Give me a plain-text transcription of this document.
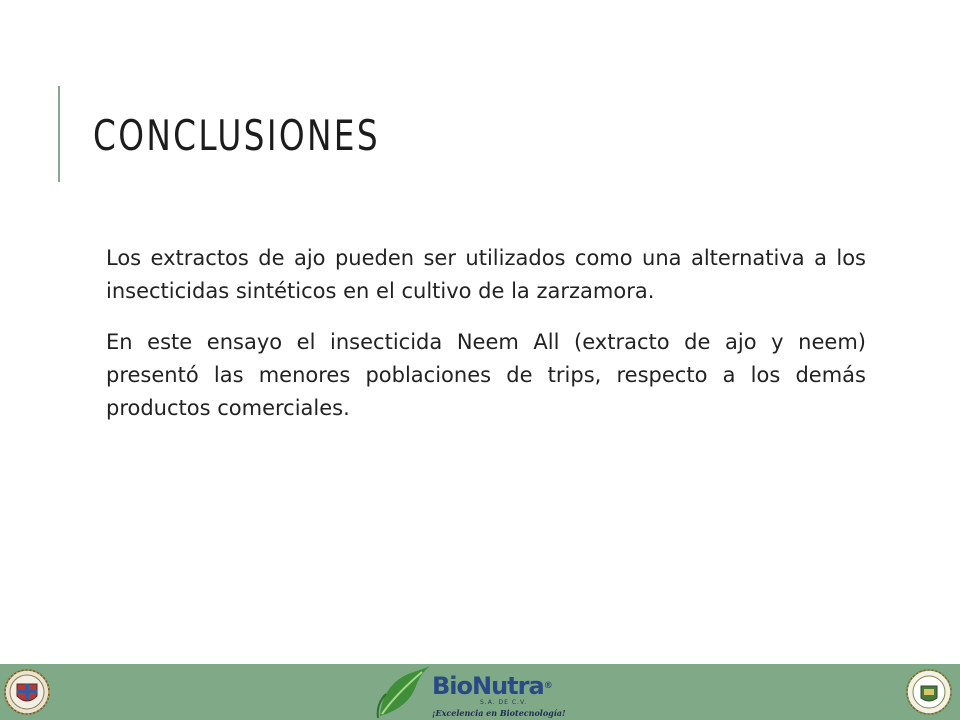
CONCLUSIONES

Los extractos de ajo pueden ser utilizados como una alternativa a los insecticidas sintéticos en el cultivo de la zarzamora.

En este ensayo el insecticida Neem All (extracto de ajo y neem) presentó las menores poblaciones de trips, respecto a los demás productos comerciales.

BioNutra®
S.A. DE C.V.
¡Excelencia en Biotecnología!
